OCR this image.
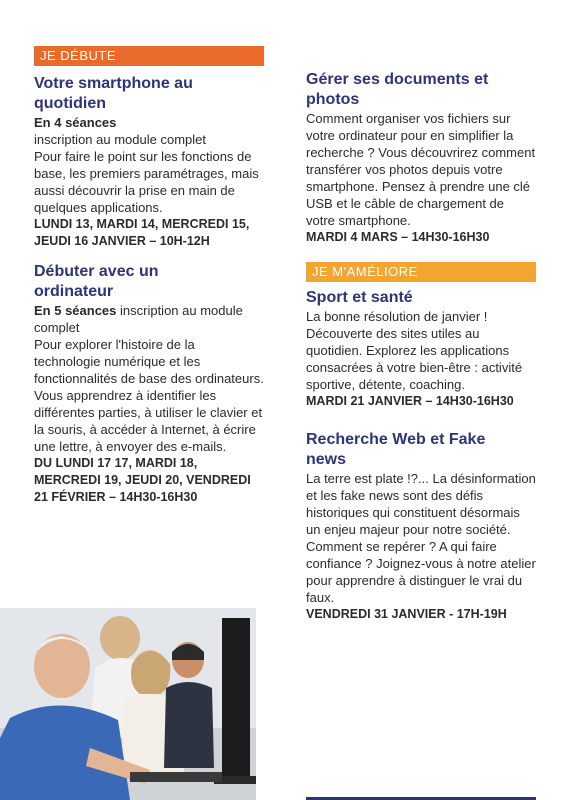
JE DÉBUTE

Votre smartphone au
quotidien

En 4 séances

inscription au module complet

Pour faire le point sur les fonctions de base, les premiers paramétrages, mais aussi découvrir la prise en main de quelques applications.

LUNDI 13, MARDI 14, MERCREDI 15, JEUDI 16 JANVIER – 10H-12H

Débuter avec un
ordinateur

En 5 séances inscription au module complet

Pour explorer l'histoire de la technologie numérique et les fonctionnalités de base des ordinateurs. Vous apprendrez à identifier les différentes parties, à utiliser le clavier et la souris, à accéder à Internet, à écrire une lettre, à envoyer des e-mails.

DU LUNDI 17 17, MARDI 18, MERCREDI 19, JEUDI 20, VENDREDI 21 FÉVRIER – 14H30-16H30

Gérer ses documents et
photos

Comment organiser vos fichiers sur votre ordinateur pour en simplifier la recherche ? Vous découvrirez comment transférer vos photos depuis votre smartphone. Pensez à prendre une clé USB et le câble de chargement de votre smartphone.

MARDI 4 MARS – 14H30-16H30

JE M'AMÉLIORE

Sport et santé

La bonne résolution de janvier ! Découverte des sites utiles au quotidien. Explorez les applications consacrées à votre bien-être : activité sportive, détente, coaching.

MARDI 21 JANVIER – 14H30-16H30

Recherche Web et Fake
news

La terre est plate !?... La désinformation et les fake news sont des défis historiques qui constituent désormais un enjeu majeur pour notre société. Comment se repérer ? A qui faire confiance ? Joignez-vous à notre atelier pour apprendre à distinguer le vrai du faux.

VENDREDI 31 JANVIER - 17H-19H
